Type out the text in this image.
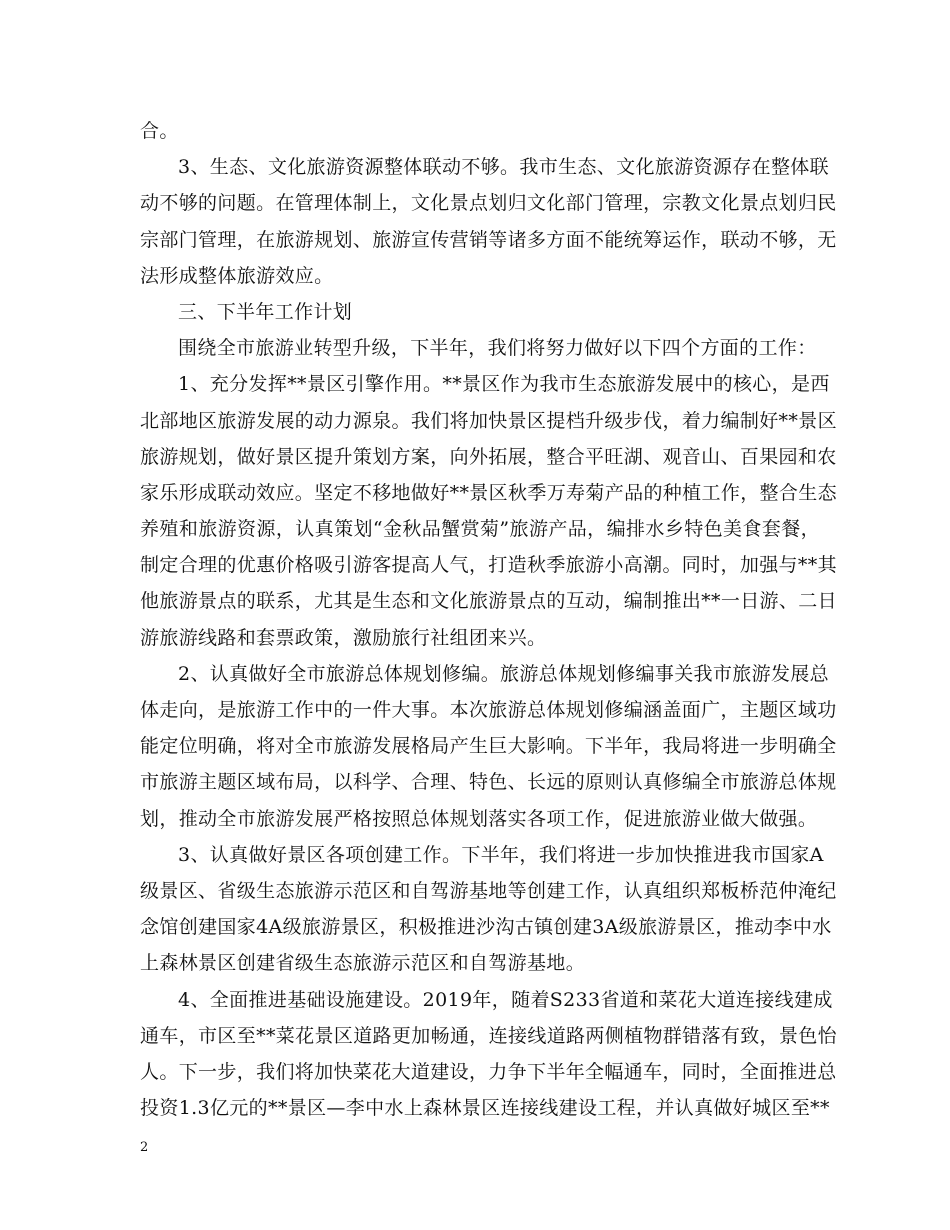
合。
3、生态、文化旅游资源整体联动不够。我市生态、文化旅游资源存在整体联
动不够的问题。在管理体制上，文化景点划归文化部门管理，宗教文化景点划归民
宗部门管理，在旅游规划、旅游宣传营销等诸多方面不能统筹运作，联动不够，无
法形成整体旅游效应。
三、下半年工作计划
围绕全市旅游业转型升级，下半年，我们将努力做好以下四个方面的工作：
1、充分发挥**景区引擎作用。**景区作为我市生态旅游发展中的核心，是西
北部地区旅游发展的动力源泉。我们将加快景区提档升级步伐，着力编制好**景区
旅游规划，做好景区提升策划方案，向外拓展，整合平旺湖、观音山、百果园和农
家乐形成联动效应。坚定不移地做好**景区秋季万寿菊产品的种植工作，整合生态
养殖和旅游资源，认真策划“金秋品蟹赏菊”旅游产品，编排水乡特色美食套餐，
制定合理的优惠价格吸引游客提高人气，打造秋季旅游小高潮。同时，加强与**其
他旅游景点的联系，尤其是生态和文化旅游景点的互动，编制推出**一日游、二日
游旅游线路和套票政策，激励旅行社组团来兴。
2、认真做好全市旅游总体规划修编。旅游总体规划修编事关我市旅游发展总
体走向，是旅游工作中的一件大事。本次旅游总体规划修编涵盖面广，主题区域功
能定位明确，将对全市旅游发展格局产生巨大影响。下半年，我局将进一步明确全
市旅游主题区域布局，以科学、合理、特色、长远的原则认真修编全市旅游总体规
划，推动全市旅游发展严格按照总体规划落实各项工作，促进旅游业做大做强。
3、认真做好景区各项创建工作。下半年，我们将进一步加快推进我市国家A
级景区、省级生态旅游示范区和自驾游基地等创建工作，认真组织郑板桥范仲淹纪
念馆创建国家4A级旅游景区，积极推进沙沟古镇创建3A级旅游景区，推动李中水
上森林景区创建省级生态旅游示范区和自驾游基地。
4、全面推进基础设施建设。2019年，随着S233省道和菜花大道连接线建成
通车，市区至**菜花景区道路更加畅通，连接线道路两侧植物群错落有致，景色怡
人。下一步，我们将加快菜花大道建设，力争下半年全幅通车，同时，全面推进总
投资1.3亿元的**景区—李中水上森林景区连接线建设工程，并认真做好城区至**
2
